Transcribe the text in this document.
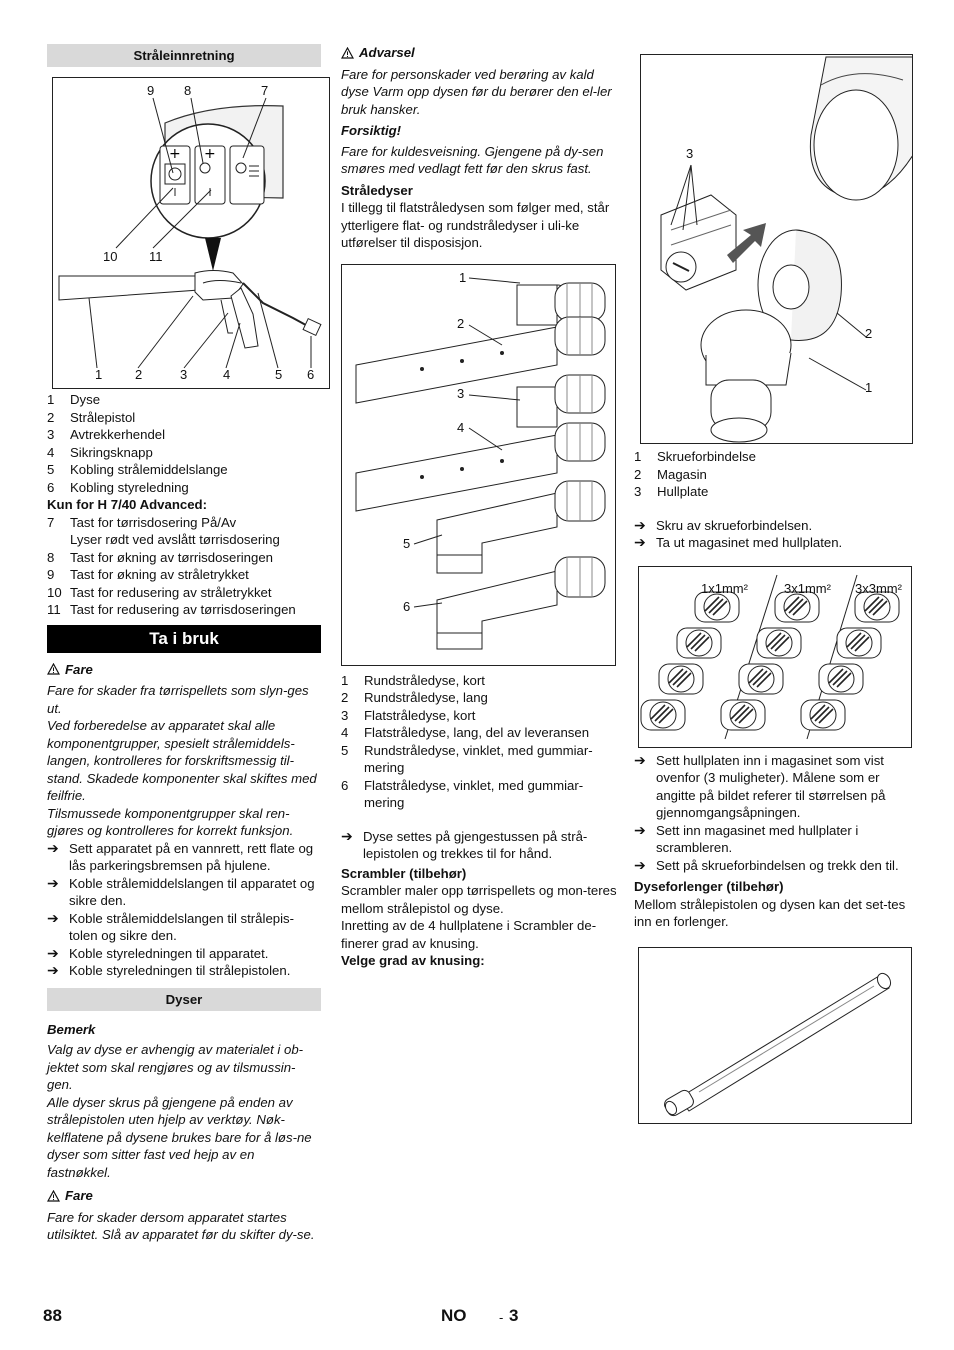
Stråleinnretning
+ +
9 8	7
10 11
1	2	3	4	5 6
1	Dyse
2	Strålepistol
3	Avtrekkerhendel
4	Sikringsknapp
5	Kobling strålemiddelslange
6	Kobling styreledning
Kun for H 7/40 Advanced:
7	Tast for tørrisdosering På/Av
Lyser rødt ved avslått tørrisdosering
8	Tast for økning av tørrisdoseringen
9	Tast for økning av stråletrykket
10 Tast for redusering av stråletrykket
11 Tast for redusering av tørrisdoseringen
Ta i bruk
Fare

Fare for skader fra tørrispellets som slyn-ges ut.

Ved forberedelse av apparatet skal alle komponentgrupper, spesielt strålemiddels-langen, kontrolleres for forskriftsmessig til-stand. Skadede komponenter skal skiftes med feilfrie.

Tilsmussede komponentgrupper skal ren-gjøres og kontrolleres for korrekt funksjon.

➔ Sett apparatet på en vannrett, rett flate og lås parkeringsbremsen på hjulene.
➔ Koble strålemiddelslangen til apparatet og sikre den.
➔ Koble strålemiddelslangen til strålepis-tolen og sikre den.
➔ Koble styreledningen til apparatet.
➔ Koble styreledningen til strålepistolen.
Dyser

Bemerk

Valg av dyse er avhengig av materialet i ob-jektet som skal rengjøres og av tilsmussin-gen.

Alle dyser skrus på gjengene på enden av strålepistolen uten hjelp av verktøy. Nøk-kelflatene på dysene brukes bare for å løs-ne dyser som sitter fast ved hejp av en fastnøkkel.

Fare

Fare for skader dersom apparatet startes utilsiktet. Slå av apparatet før du skifter dy-se.

Advarsel

Fare for personskader ved berøring av kald dyse Varm opp dysen før du berører den el-ler bruk hansker.

Forsiktig!

Fare for kuldesveisning. Gjengene på dy-sen smøres med vedlagt fett før den skrus fast.

Stråledyser

I tillegg til flatstråledysen som følger med, står ytterligere flat- og rundstråledyser i uli-ke utførelser til disposisjon.

1
2
3
4
5
6
1	Rundstråledyse, kort
2	Rundstråledyse, lang
3	Flatstråledyse, kort
4	Flatstråledyse, lang, del av leveransen
5	Rundstråledyse, vinklet, med gummiar-mering
6	Flatstråledyse, vinklet, med gummiar-mering
➔ Dyse settes på gjengestussen på strå-lepistolen og trekkes til for hånd.

Scrambler (tilbehør)

Scrambler maler opp tørrispellets og mon-teres mellom strålepistol og dyse.

Inretting av de 4 hullplatene i Scrambler de-finerer grad av knusing.

Velge grad av knusing:

3
2
1
1	Skrueforbindelse
2	Magasin
3	Hullplate
➔ Skru av skrueforbindelsen.
➔ Ta ut magasinet med hullplaten.
1x1mm²	3x1mm² 3x3mm²
➔ Sett hullplaten inn i magasinet som vist ovenfor (3 muligheter). Målene som er angitte på bildet referer til størrelsen på gjennomgangsåpningen.
➔ Sett inn magasinet med hullplater i scrambleren.
➔ Sett på skrueforbindelsen og trekk den til.

Dyseforlenger (tilbehør)

Mellom strålepistolen og dysen kan det set-tes inn en forlenger.

88	NO	- 3
